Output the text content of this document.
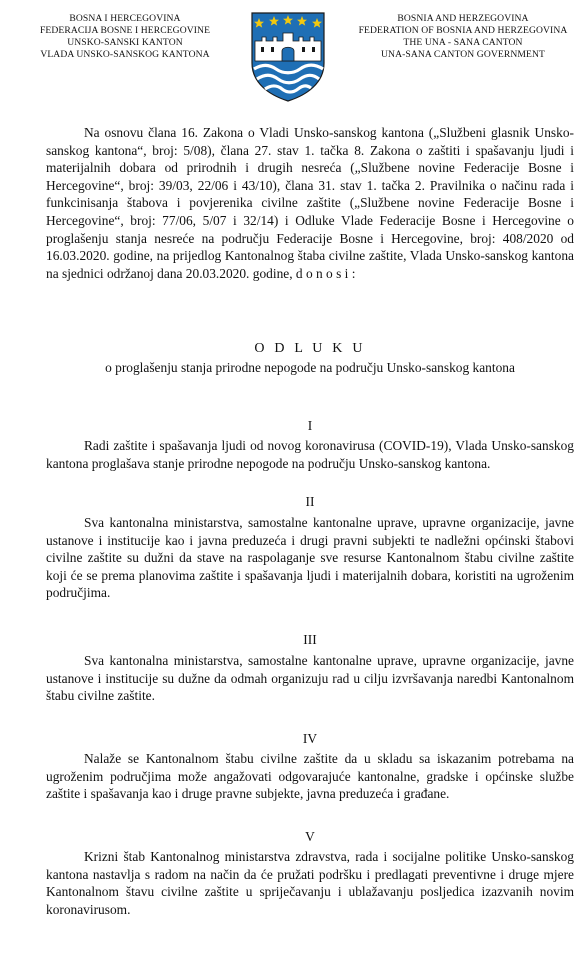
BOSNA I HERCEGOVINA
FEDERACIJA BOSNE I HERCEGOVINE
UNSKO-SANSKI KANTON
VLADA UNSKO-SANSKOG KANTONA
BOSNIA AND HERZEGOVINA
FEDERATION OF BOSNIA AND HERZEGOVINA
THE UNA - SANA CANTON
UNA-SANA CANTON GOVERNMENT

Na osnovu člana 16. Zakona o Vladi Unsko-sanskog kantona („Službeni glasnik Unsko-sanskog kantona“, broj: 5/08), člana 27. stav 1. tačka 8. Zakona o zaštiti i spašavanju ljudi i materijalnih dobara od prirodnih i drugih nesreća („Službene novine Federacije Bosne i Hercegovine“, broj: 39/03, 22/06 i 43/10), člana 31. stav 1. tačka 2. Pravilnika o načinu rada i funkcinisanja štabova i povjerenika civilne zaštite („Službene novine Federacije Bosne i Hercegovine“, broj: 77/06, 5/07 i 32/14) i Odluke Vlade Federacije Bosne i Hercegovine o proglašenju stanja nesreće na području Federacije Bosne i Hercegovine, broj: 408/2020 od 16.03.2020. godine, na prijedlog Kantonalnog štaba civilne zaštite, Vlada Unsko-sanskog kantona na sjednici održanoj dana 20.03.2020. godine, d o n o s i :

O D L U K U

o proglašenju stanja prirodne nepogode na području Unsko-sanskog kantona

I

Radi zaštite i spašavanja ljudi od novog koronavirusa (COVID-19), Vlada Unsko-sanskog kantona proglašava stanje prirodne nepogode na području Unsko-sanskog kantona.

II

Sva kantonalna ministarstva, samostalne kantonalne uprave, upravne organizacije, javne ustanove i institucije kao i javna preduzeća i drugi pravni subjekti te nadležni općinski štabovi civilne zaštite su dužni da stave na raspolaganje sve resurse Kantonalnom štabu civilne zaštite koji će se prema planovima zaštite i spašavanja ljudi i materijalnih dobara, koristiti na ugroženim područjima.

III

Sva kantonalna ministarstva, samostalne kantonalne uprave, upravne organizacije, javne ustanove i institucije su dužne da odmah organizuju rad u cilju izvršavanja naredbi Kantonalnom štabu civilne zaštite.

IV

Nalaže se Kantonalnom štabu civilne zaštite da u skladu sa iskazanim potrebama na ugroženim područjima može angažovati odgovarajuće kantonalne, gradske i općinske službe zaštite i spašavanja kao i druge pravne subjekte, javna preduzeća i građane.

V

Krizni štab Kantonalnog ministarstva zdravstva, rada i socijalne politike Unsko-sanskog kantona nastavlja s radom na način da će pružati podršku i predlagati preventivne i druge mjere Kantonalnom štavu civilne zaštite u spriječavanju i ublažavanju posljedica izazvanih novim koronavirusom.
